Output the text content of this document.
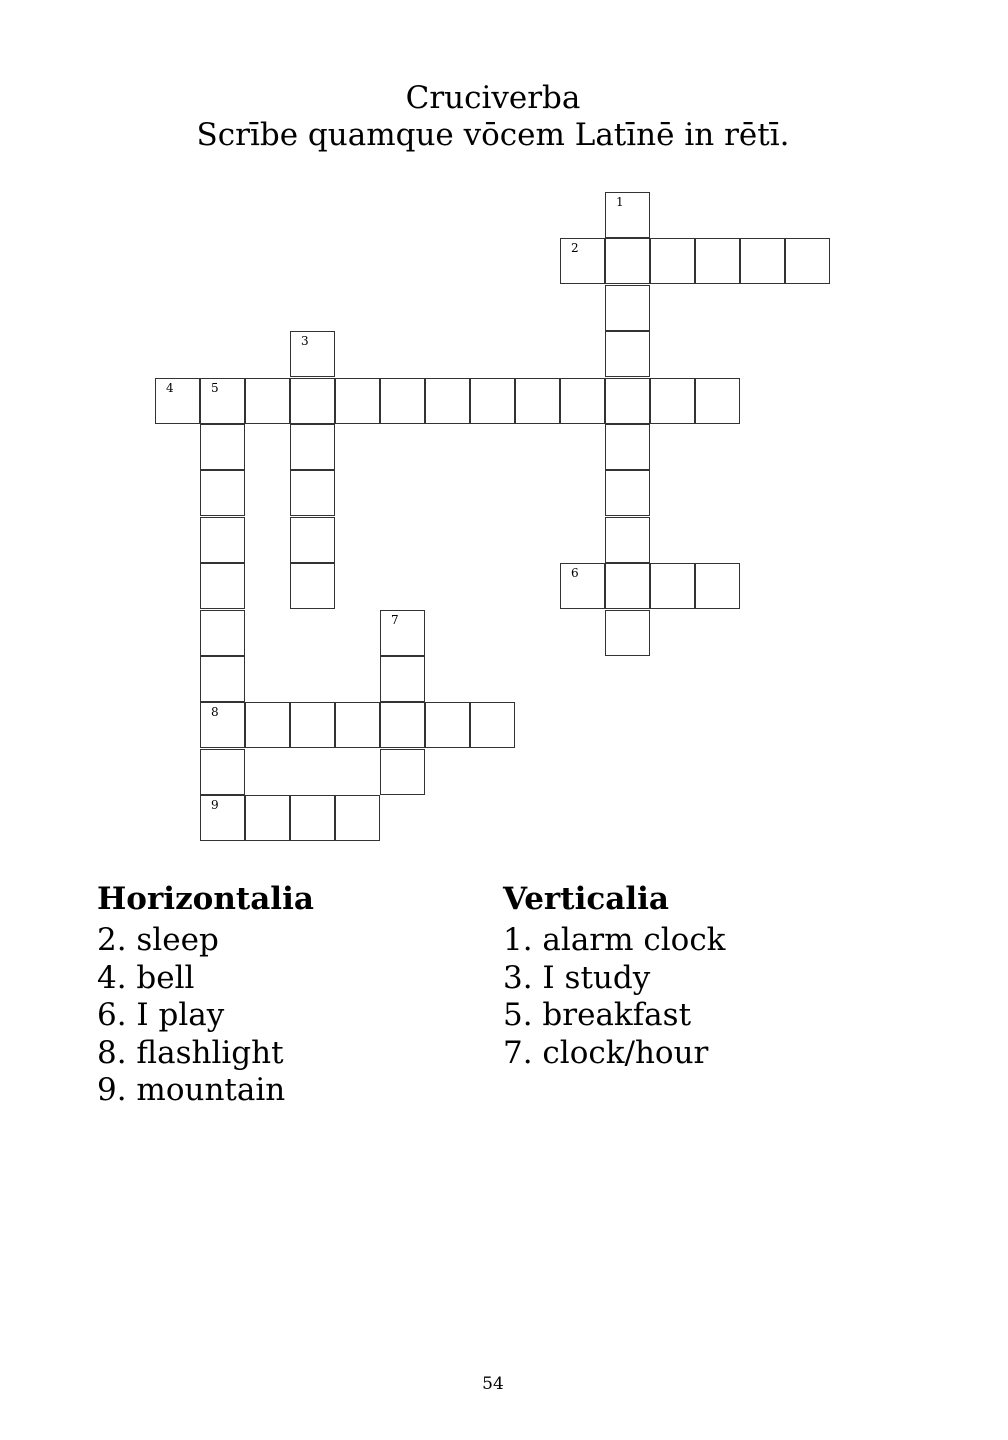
Cruciverba
Scrībe quamque vōcem Latīnē in rētī.
2
4	5
6
8
9
1
3
7
Horizontalia
2. sleep
4. bell
6. I play
8. flashlight
9. mountain
Verticalia
1. alarm clock
3. I study
5. breakfast
7. clock/hour
54
